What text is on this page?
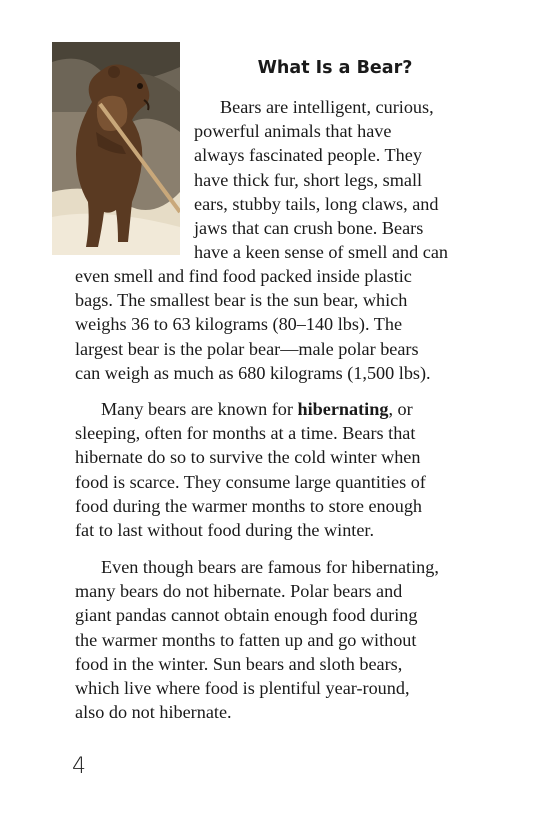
What Is a Bear?
Bears are intelligent, curious,
powerful animals that have
always fascinated people. They
have thick fur, short legs, small
ears, stubby tails, long claws, and
jaws that can crush bone. Bears
have a keen sense of smell and can
even smell and find food packed inside plastic
bags. The smallest bear is the sun bear, which
weighs 36 to 63 kilograms (80–140 lbs). The
largest bear is the polar bear—male polar bears
can weigh as much as 680 kilograms (1,500 lbs).
Many bears are known for hibernating, or
sleeping, often for months at a time. Bears that
hibernate do so to survive the cold winter when
food is scarce. They consume large quantities of
food during the warmer months to store enough
fat to last without food during the winter.
Even though bears are famous for hibernating,
many bears do not hibernate. Polar bears and
giant pandas cannot obtain enough food during
the warmer months to fatten up and go without
food in the winter. Sun bears and sloth bears,
which live where food is plentiful year-round,
also do not hibernate.
4
